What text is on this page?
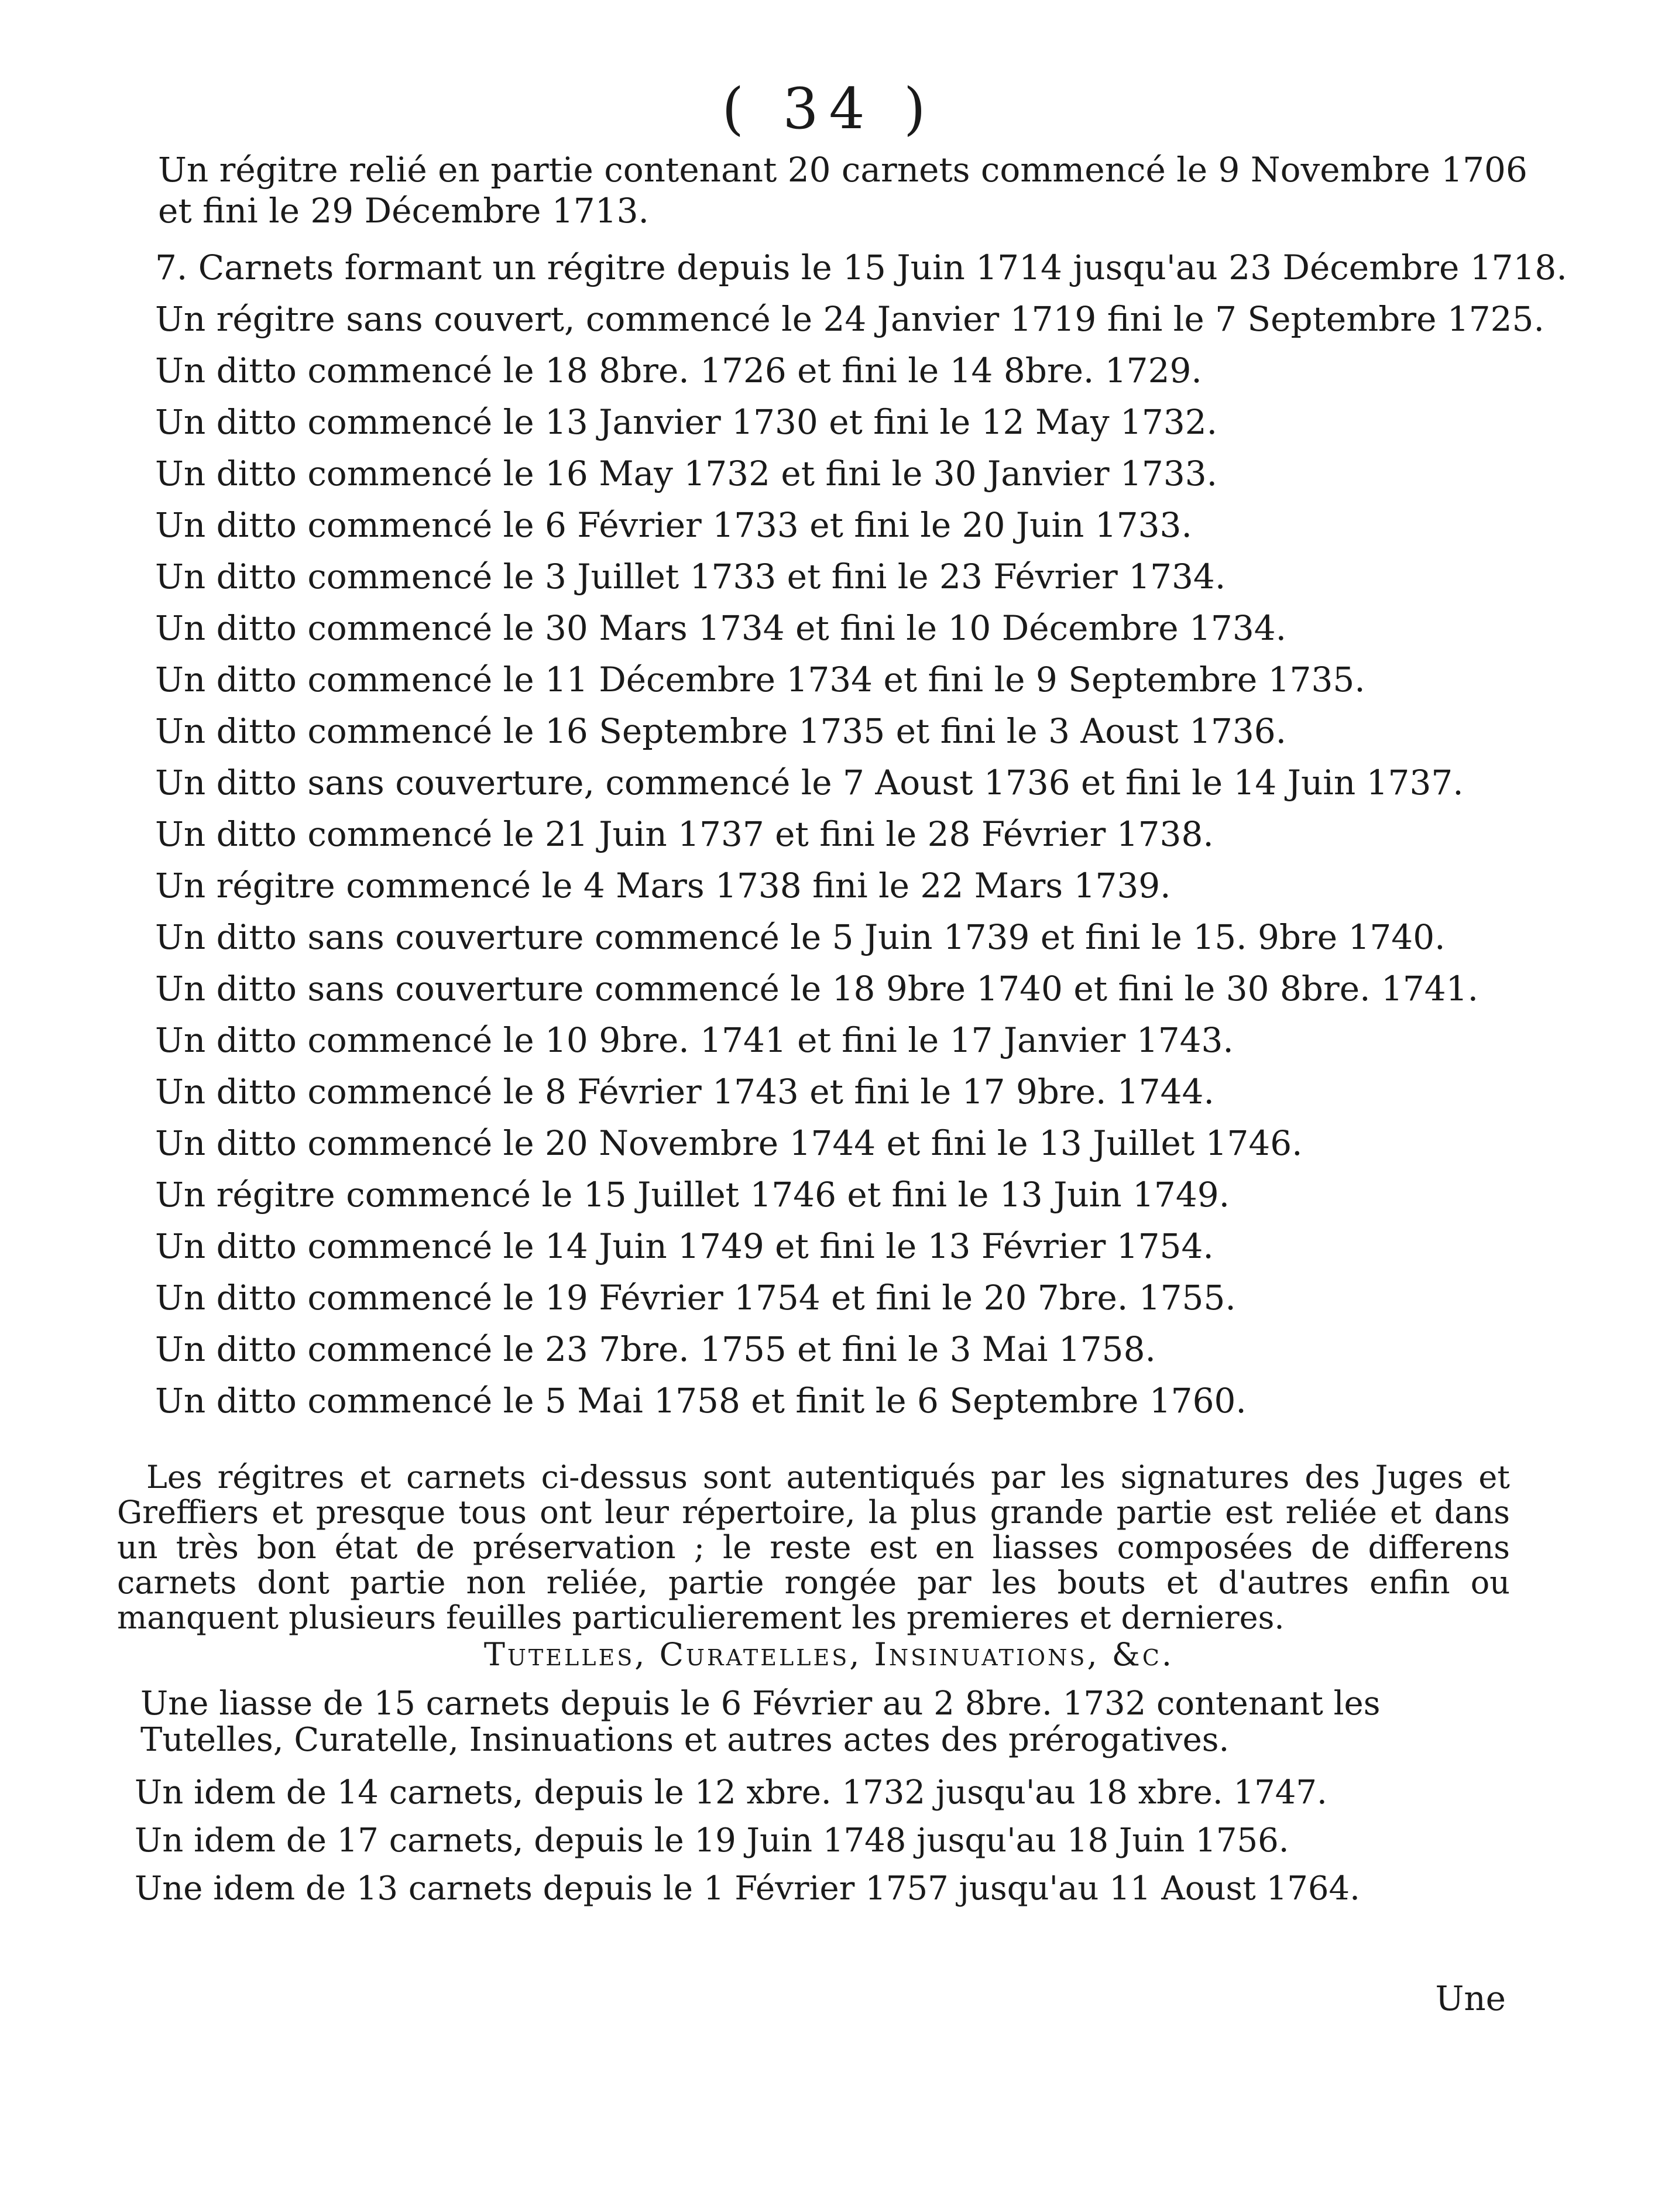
( 34 )

Un régitre relié en partie contenant 20 carnets commencé le 9 Novembre 1706 et fini le 29 Décembre 1713.

7. Carnets formant un régitre depuis le 15 Juin 1714 jusqu'au 23 Décembre 1718.

Un régitre sans couvert, commencé le 24 Janvier 1719 fini le 7 Septembre 1725.

Un ditto commencé le 18 8bre. 1726 et fini le 14 8bre. 1729.

Un ditto commencé le 13 Janvier 1730 et fini le 12 May 1732.

Un ditto commencé le 16 May 1732 et fini le 30 Janvier 1733.

Un ditto commencé le 6 Février 1733 et fini le 20 Juin 1733.

Un ditto commencé le 3 Juillet 1733 et fini le 23 Février 1734.

Un ditto commencé le 30 Mars 1734 et fini le 10 Décembre 1734.

Un ditto commencé le 11 Décembre 1734 et fini le 9 Septembre 1735.

Un ditto commencé le 16 Septembre 1735 et fini le 3 Aoust 1736.

Un ditto sans couverture, commencé le 7 Aoust 1736 et fini le 14 Juin 1737.

Un ditto commencé le 21 Juin 1737 et fini le 28 Février 1738.

Un régitre commencé le 4 Mars 1738 fini le 22 Mars 1739.

Un ditto sans couverture commencé le 5 Juin 1739 et fini le 15. 9bre 1740.

Un ditto sans couverture commencé le 18 9bre 1740 et fini le 30 8bre. 1741.

Un ditto commencé le 10 9bre. 1741 et fini le 17 Janvier 1743.

Un ditto commencé le 8 Février 1743 et fini le 17 9bre. 1744.

Un ditto commencé le 20 Novembre 1744 et fini le 13 Juillet 1746.

Un régitre commencé le 15 Juillet 1746 et fini le 13 Juin 1749.

Un ditto commencé le 14 Juin 1749 et fini le 13 Février 1754.

Un ditto commencé le 19 Février 1754 et fini le 20 7bre. 1755.

Un ditto commencé le 23 7bre. 1755 et fini le 3 Mai 1758.

Un ditto commencé le 5 Mai 1758 et finit le 6 Septembre 1760.

Les régitres et carnets ci-dessus sont autentiqués par les signatures des Juges et Greffiers et presque tous ont leur répertoire, la plus grande partie est reliée et dans un très bon état de préservation ; le reste est en liasses composées de differens carnets dont partie non reliée, partie rongée par les bouts et d'autres enfin ou manquent plusieurs feuilles particulierement les premieres et dernieres.

Tutelles, Curatelles, Insinuations, &c.

Une liasse de 15 carnets depuis le 6 Février au 2 8bre. 1732 contenant les Tutelles, Curatelle, Insinuations et autres actes des prérogatives.

Un idem de 14 carnets, depuis le 12 xbre. 1732 jusqu'au 18 xbre. 1747.

Un idem de 17 carnets, depuis le 19 Juin 1748 jusqu'au 18 Juin 1756.

Une idem de 13 carnets depuis le 1 Février 1757 jusqu'au 11 Aoust 1764.

Une
